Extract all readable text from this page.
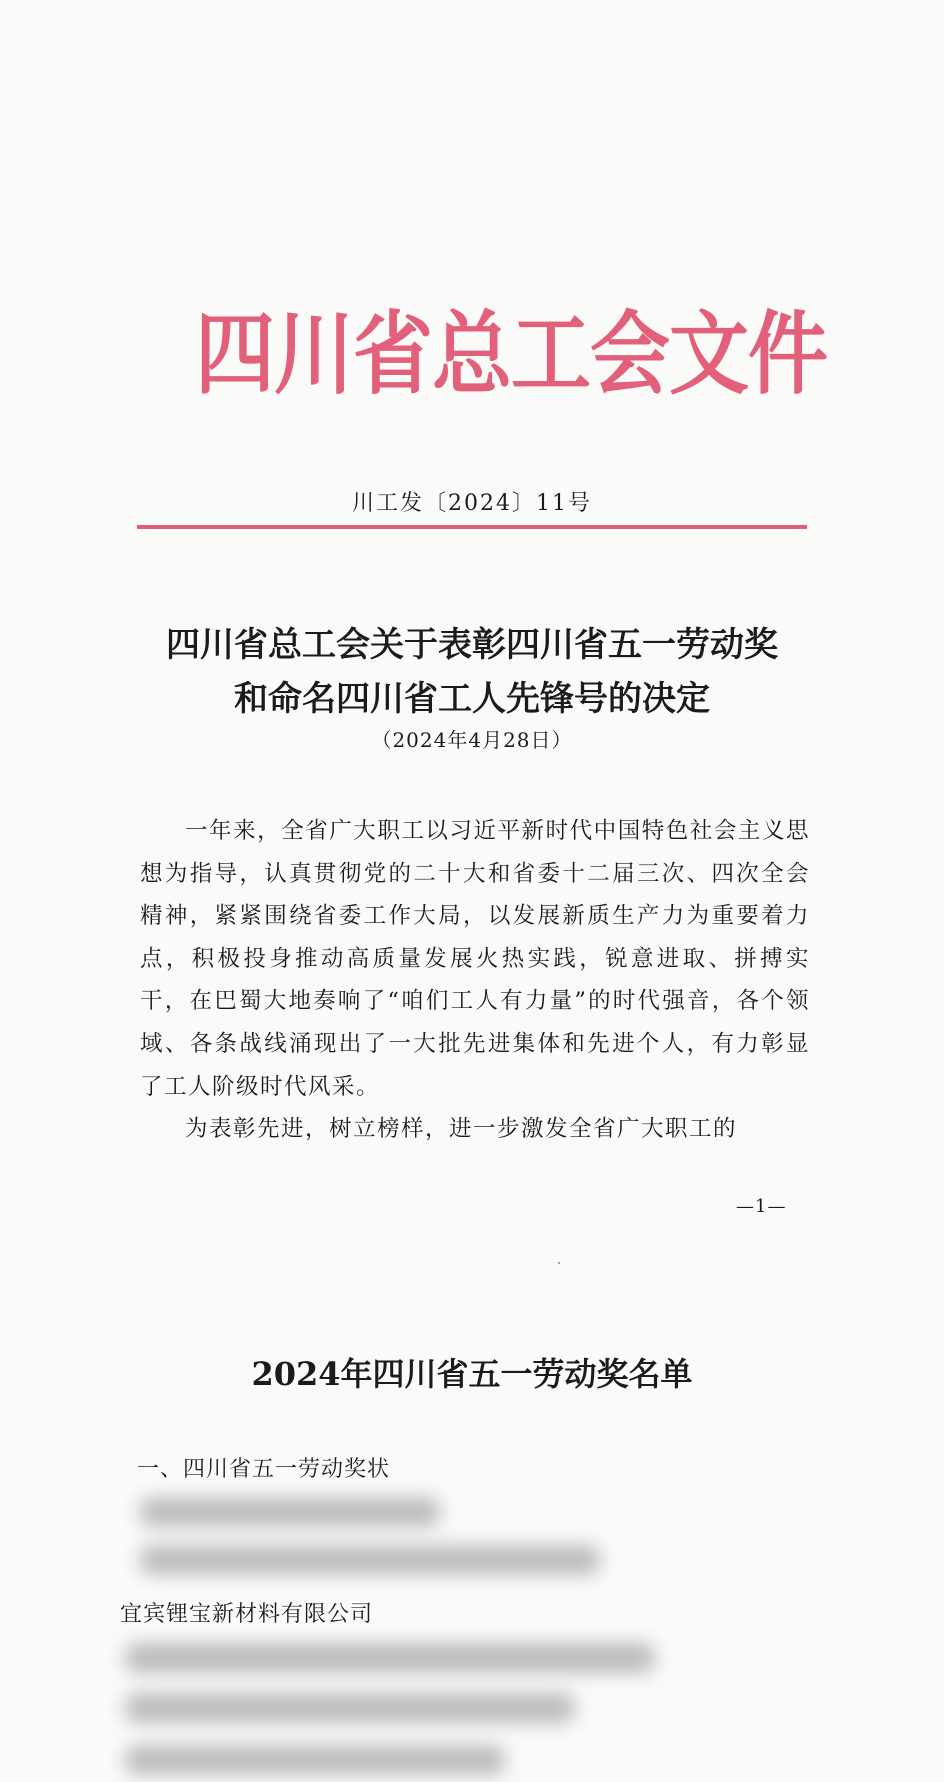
四川省总工会文件
川工发〔2024〕11号
四川省总工会关于表彰四川省五一劳动奖
和命名四川省工人先锋号的决定
（2024年4月28日）

一年来，全省广大职工以习近平新时代中国特色社会主义思想为指导，认真贯彻党的二十大和省委十二届三次、四次全会精神，紧紧围绕省委工作大局，以发展新质生产力为重要着力点，积极投身推动高质量发展火热实践，锐意进取、拼搏实干，在巴蜀大地奏响了“咱们工人有力量”的时代强音，各个领域、各条战线涌现出了一大批先进集体和先进个人，有力彰显了工人阶级时代风采。

为表彰先进，树立榜样，进一步激发全省广大职工的

—1—
2024年四川省五一劳动奖名单
一、四川省五一劳动奖状
宜宾锂宝新材料有限公司
